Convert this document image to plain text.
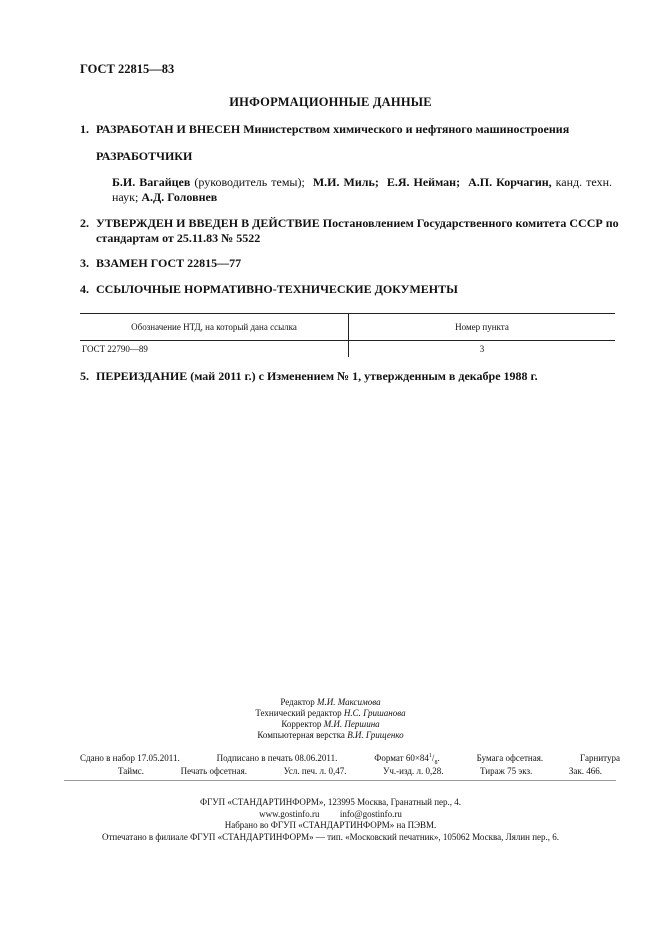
ГОСТ 22815—83
ИНФОРМАЦИОННЫЕ ДАННЫЕ
1. РАЗРАБОТАН И ВНЕСЕН Министерством химического и нефтяного машиностроения
РАЗРАБОТЧИКИ
Б.И. Вагайцев (руководитель темы); М.И. Миль; Е.Я. Нейман; А.П. Корчагин, канд. техн. наук; А.Д. Головнев
2. УТВЕРЖДЕН И ВВЕДЕН В ДЕЙСТВИЕ Постановлением Государственного комитета СССР по
стандартам от 25.11.83 № 5522
3. ВЗАМЕН ГОСТ 22815—77
4. ССЫЛОЧНЫЕ НОРМАТИВНО-ТЕХНИЧЕСКИЕ ДОКУМЕНТЫ
Обозначение НТД, на который дана ссылка	Номер пункта
ГОСТ 22790—89	3
5. ПЕРЕИЗДАНИЕ (май 2011 г.) с Изменением № 1, утвержденным в декабре 1988 г.
Редактор М.И. Максимова
Технический редактор Н.С. Гришанова
Корректор М.И. Першина
Компьютерная верстка В.И. Грищенко
Сдано в набор 17.05.2011.	Подписано в печать 08.06.2011.	Формат $60\times 84^1/_8$.	Бумага офсетная.	Гарнитура
Таймс.	Печать офсетная.	Усл. печ. л. 0,47.	Уч.-изд. л. 0,28.	Тираж 75 экз.	Зак. 466.
ФГУП «СТАНДАРТИНФОРМ», 123995 Москва, Гранатный пер., 4.
www.gostinfo.ru info@gostinfo.ru
Набрано во ФГУП «СТАНДАРТИНФОРМ» на ПЭВМ.
Отпечатано в филиале ФГУП «СТАНДАРТИНФОРМ» — тип. «Московский печатник», 105062 Москва, Лялин пер., 6.
